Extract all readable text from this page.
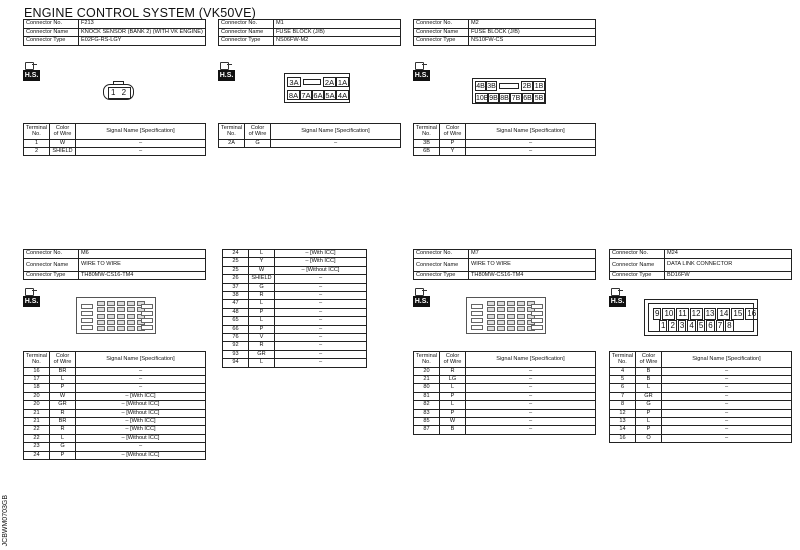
ENGINE CONTROL SYSTEM (VK50VE)
JCBWM0703GB
Connector No.	F213
Connector Name	KNOCK SENSOR (BANK 2) (WITH VK ENGINE)
Connector Type	E02FG-RS-LGY
H.S.
1 2
Terminal
No.	Color
of Wire	Signal Name [Specification]
1	W	–
2	SHIELD	–
Connector No.	M1
Connector Name	FUSE BLOCK (J/B)
Connector Type	NS06FW-M2
H.S.
3A	2A 1A
8A 7A 6A 5A 4A
Terminal
No.	Color
of Wire	Signal Name [Specification]
2A	G	–
Connector No.	M2
Connector Name	FUSE BLOCK (J/B)
Connector Type	NS10FW-CS
H.S.
4B 3B	2B 1B
10B 9B 8B 7B 6B 5B
Terminal
No.	Color
of Wire	Signal Name [Specification]
3B	P	–
6B	Y	–
Connector No.	M6
Connector Name	WIRE TO WIRE
Connector Type	TH80MW-CS16-TM4
H.S.
Terminal
No.	Color
of Wire	Signal Name [Specification]
16	BR	–
17	L	–
18	P	–
20	W	– [With ICC]
20	GR	– [Without ICC]
21	R	– [Without ICC]
21	BR	– [With ICC]
22	R	– [With ICC]
22	L	– [Without ICC]
23	G	–
24	P	– [Without ICC]
24	L	– [With ICC]
25	Y	– [With ICC]
25	W	– [Without ICC]
26	SHIELD	–
37	G	–
38	R	–
47	L	–
48	P	–
65	L	–
66	P	–
76	V	–
92	R	–
93	GR	–
94	L	–
Connector No.	M7
Connector Name	WIRE TO WIRE
Connector Type	TH80MW-CS16-TM4
H.S.
Terminal
No.	Color
of Wire	Signal Name [Specification]
20	R	–
21	LG	–
80	L	–
81	P	–
82	L	–
83	P	–
85	W	–
87	B	–
Connector No.	M24
Connector Name	DATA LINK CONNECTOR
Connector Type	BD16FW
H.S.
9 10 11 12 13 14 15 16
1 2 3 4 5 6 7 8
Terminal
No.	Color
of Wire	Signal Name [Specification]
4	B	–
5	B	–
6	L	–
7	GR	–
8	G	–
12	P	–
13	L	–
14	P	–
16	O	–
